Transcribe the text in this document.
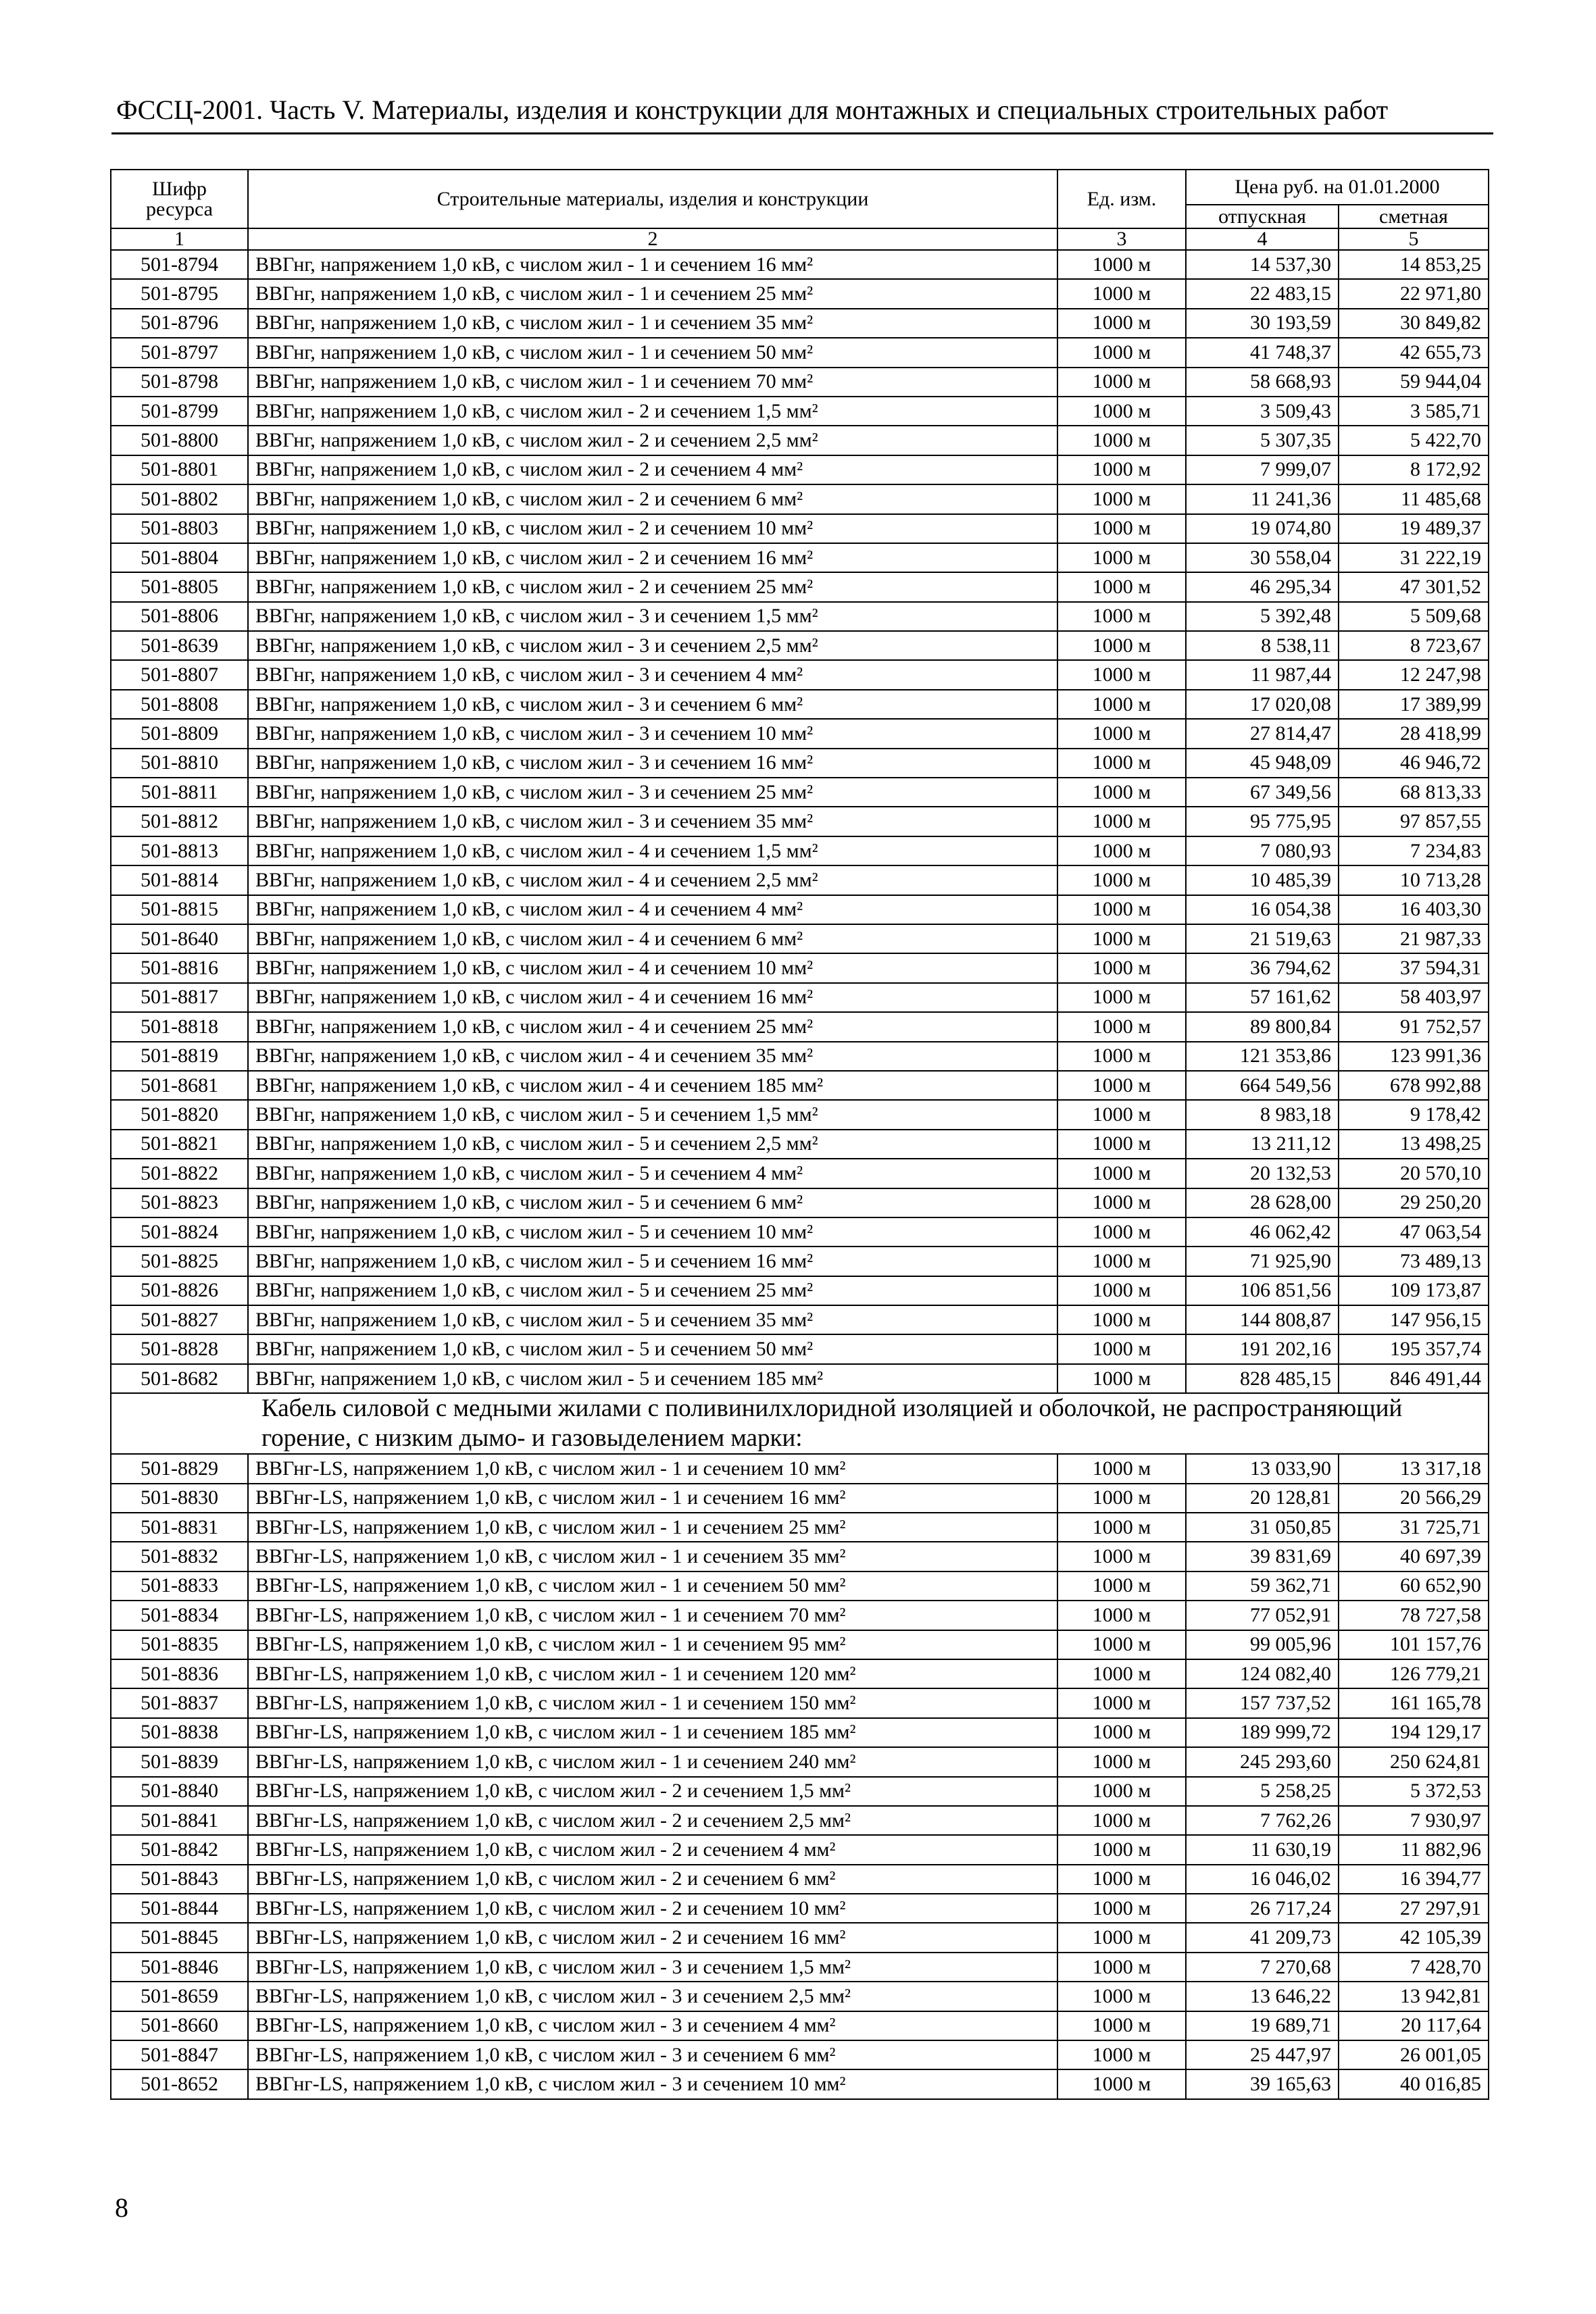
ФССЦ-2001. Часть V. Материалы, изделия и конструкции для монтажных и специальных строительных работ
Шифр ресурса	Строительные материалы, изделия и конструкции	Ед. изм.	Цена руб. на 01.01.2000	
			отпускная	сметная
1	2	3	4	5
501-8794	ВВГнг, напряжением 1,0 кВ, с числом жил - 1 и сечением 16 мм²	1000 м	14 537,30	14 853,25
501-8795	ВВГнг, напряжением 1,0 кВ, с числом жил - 1 и сечением 25 мм²	1000 м	22 483,15	22 971,80
501-8796	ВВГнг, напряжением 1,0 кВ, с числом жил - 1 и сечением 35 мм²	1000 м	30 193,59	30 849,82
501-8797	ВВГнг, напряжением 1,0 кВ, с числом жил - 1 и сечением 50 мм²	1000 м	41 748,37	42 655,73
501-8798	ВВГнг, напряжением 1,0 кВ, с числом жил - 1 и сечением 70 мм²	1000 м	58 668,93	59 944,04
501-8799	ВВГнг, напряжением 1,0 кВ, с числом жил - 2 и сечением 1,5 мм²	1000 м	3 509,43	3 585,71
501-8800	ВВГнг, напряжением 1,0 кВ, с числом жил - 2 и сечением 2,5 мм²	1000 м	5 307,35	5 422,70
501-8801	ВВГнг, напряжением 1,0 кВ, с числом жил - 2 и сечением 4 мм²	1000 м	7 999,07	8 172,92
501-8802	ВВГнг, напряжением 1,0 кВ, с числом жил - 2 и сечением 6 мм²	1000 м	11 241,36	11 485,68
501-8803	ВВГнг, напряжением 1,0 кВ, с числом жил - 2 и сечением 10 мм²	1000 м	19 074,80	19 489,37
501-8804	ВВГнг, напряжением 1,0 кВ, с числом жил - 2 и сечением 16 мм²	1000 м	30 558,04	31 222,19
501-8805	ВВГнг, напряжением 1,0 кВ, с числом жил - 2 и сечением 25 мм²	1000 м	46 295,34	47 301,52
501-8806	ВВГнг, напряжением 1,0 кВ, с числом жил - 3 и сечением 1,5 мм²	1000 м	5 392,48	5 509,68
501-8639	ВВГнг, напряжением 1,0 кВ, с числом жил - 3 и сечением 2,5 мм²	1000 м	8 538,11	8 723,67
501-8807	ВВГнг, напряжением 1,0 кВ, с числом жил - 3 и сечением 4 мм²	1000 м	11 987,44	12 247,98
501-8808	ВВГнг, напряжением 1,0 кВ, с числом жил - 3 и сечением 6 мм²	1000 м	17 020,08	17 389,99
501-8809	ВВГнг, напряжением 1,0 кВ, с числом жил - 3 и сечением 10 мм²	1000 м	27 814,47	28 418,99
501-8810	ВВГнг, напряжением 1,0 кВ, с числом жил - 3 и сечением 16 мм²	1000 м	45 948,09	46 946,72
501-8811	ВВГнг, напряжением 1,0 кВ, с числом жил - 3 и сечением 25 мм²	1000 м	67 349,56	68 813,33
501-8812	ВВГнг, напряжением 1,0 кВ, с числом жил - 3 и сечением 35 мм²	1000 м	95 775,95	97 857,55
501-8813	ВВГнг, напряжением 1,0 кВ, с числом жил - 4 и сечением 1,5 мм²	1000 м	7 080,93	7 234,83
501-8814	ВВГнг, напряжением 1,0 кВ, с числом жил - 4 и сечением 2,5 мм²	1000 м	10 485,39	10 713,28
501-8815	ВВГнг, напряжением 1,0 кВ, с числом жил - 4 и сечением 4 мм²	1000 м	16 054,38	16 403,30
501-8640	ВВГнг, напряжением 1,0 кВ, с числом жил - 4 и сечением 6 мм²	1000 м	21 519,63	21 987,33
501-8816	ВВГнг, напряжением 1,0 кВ, с числом жил - 4 и сечением 10 мм²	1000 м	36 794,62	37 594,31
501-8817	ВВГнг, напряжением 1,0 кВ, с числом жил - 4 и сечением 16 мм²	1000 м	57 161,62	58 403,97
501-8818	ВВГнг, напряжением 1,0 кВ, с числом жил - 4 и сечением 25 мм²	1000 м	89 800,84	91 752,57
501-8819	ВВГнг, напряжением 1,0 кВ, с числом жил - 4 и сечением 35 мм²	1000 м	121 353,86	123 991,36
501-8681	ВВГнг, напряжением 1,0 кВ, с числом жил - 4 и сечением 185 мм²	1000 м	664 549,56	678 992,88
501-8820	ВВГнг, напряжением 1,0 кВ, с числом жил - 5 и сечением 1,5 мм²	1000 м	8 983,18	9 178,42
501-8821	ВВГнг, напряжением 1,0 кВ, с числом жил - 5 и сечением 2,5 мм²	1000 м	13 211,12	13 498,25
501-8822	ВВГнг, напряжением 1,0 кВ, с числом жил - 5 и сечением 4 мм²	1000 м	20 132,53	20 570,10
501-8823	ВВГнг, напряжением 1,0 кВ, с числом жил - 5 и сечением 6 мм²	1000 м	28 628,00	29 250,20
501-8824	ВВГнг, напряжением 1,0 кВ, с числом жил - 5 и сечением 10 мм²	1000 м	46 062,42	47 063,54
501-8825	ВВГнг, напряжением 1,0 кВ, с числом жил - 5 и сечением 16 мм²	1000 м	71 925,90	73 489,13
501-8826	ВВГнг, напряжением 1,0 кВ, с числом жил - 5 и сечением 25 мм²	1000 м	106 851,56	109 173,87
501-8827	ВВГнг, напряжением 1,0 кВ, с числом жил - 5 и сечением 35 мм²	1000 м	144 808,87	147 956,15
501-8828	ВВГнг, напряжением 1,0 кВ, с числом жил - 5 и сечением 50 мм²	1000 м	191 202,16	195 357,74
501-8682	ВВГнг, напряжением 1,0 кВ, с числом жил - 5 и сечением 185 мм²	1000 м	828 485,15	846 491,44
Кабель силовой с медными жилами с поливинилхлоридной изоляцией и оболочкой, не распространяющий горение, с низким дымо- и газовыделением марки:				
501-8829	ВВГнг-LS, напряжением 1,0 кВ, с числом жил - 1 и сечением 10 мм²	1000 м	13 033,90	13 317,18
501-8830	ВВГнг-LS, напряжением 1,0 кВ, с числом жил - 1 и сечением 16 мм²	1000 м	20 128,81	20 566,29
501-8831	ВВГнг-LS, напряжением 1,0 кВ, с числом жил - 1 и сечением 25 мм²	1000 м	31 050,85	31 725,71
501-8832	ВВГнг-LS, напряжением 1,0 кВ, с числом жил - 1 и сечением 35 мм²	1000 м	39 831,69	40 697,39
501-8833	ВВГнг-LS, напряжением 1,0 кВ, с числом жил - 1 и сечением 50 мм²	1000 м	59 362,71	60 652,90
501-8834	ВВГнг-LS, напряжением 1,0 кВ, с числом жил - 1 и сечением 70 мм²	1000 м	77 052,91	78 727,58
501-8835	ВВГнг-LS, напряжением 1,0 кВ, с числом жил - 1 и сечением 95 мм²	1000 м	99 005,96	101 157,76
501-8836	ВВГнг-LS, напряжением 1,0 кВ, с числом жил - 1 и сечением 120 мм²	1000 м	124 082,40	126 779,21
501-8837	ВВГнг-LS, напряжением 1,0 кВ, с числом жил - 1 и сечением 150 мм²	1000 м	157 737,52	161 165,78
501-8838	ВВГнг-LS, напряжением 1,0 кВ, с числом жил - 1 и сечением 185 мм²	1000 м	189 999,72	194 129,17
501-8839	ВВГнг-LS, напряжением 1,0 кВ, с числом жил - 1 и сечением 240 мм²	1000 м	245 293,60	250 624,81
501-8840	ВВГнг-LS, напряжением 1,0 кВ, с числом жил - 2 и сечением 1,5 мм²	1000 м	5 258,25	5 372,53
501-8841	ВВГнг-LS, напряжением 1,0 кВ, с числом жил - 2 и сечением 2,5 мм²	1000 м	7 762,26	7 930,97
501-8842	ВВГнг-LS, напряжением 1,0 кВ, с числом жил - 2 и сечением 4 мм²	1000 м	11 630,19	11 882,96
501-8843	ВВГнг-LS, напряжением 1,0 кВ, с числом жил - 2 и сечением 6 мм²	1000 м	16 046,02	16 394,77
501-8844	ВВГнг-LS, напряжением 1,0 кВ, с числом жил - 2 и сечением 10 мм²	1000 м	26 717,24	27 297,91
501-8845	ВВГнг-LS, напряжением 1,0 кВ, с числом жил - 2 и сечением 16 мм²	1000 м	41 209,73	42 105,39
501-8846	ВВГнг-LS, напряжением 1,0 кВ, с числом жил - 3 и сечением 1,5 мм²	1000 м	7 270,68	7 428,70
501-8659	ВВГнг-LS, напряжением 1,0 кВ, с числом жил - 3 и сечением 2,5 мм²	1000 м	13 646,22	13 942,81
501-8660	ВВГнг-LS, напряжением 1,0 кВ, с числом жил - 3 и сечением 4 мм²	1000 м	19 689,71	20 117,64
501-8847	ВВГнг-LS, напряжением 1,0 кВ, с числом жил - 3 и сечением 6 мм²	1000 м	25 447,97	26 001,05
501-8652	ВВГнг-LS, напряжением 1,0 кВ, с числом жил - 3 и сечением 10 мм²	1000 м	39 165,63	40 016,85
8
